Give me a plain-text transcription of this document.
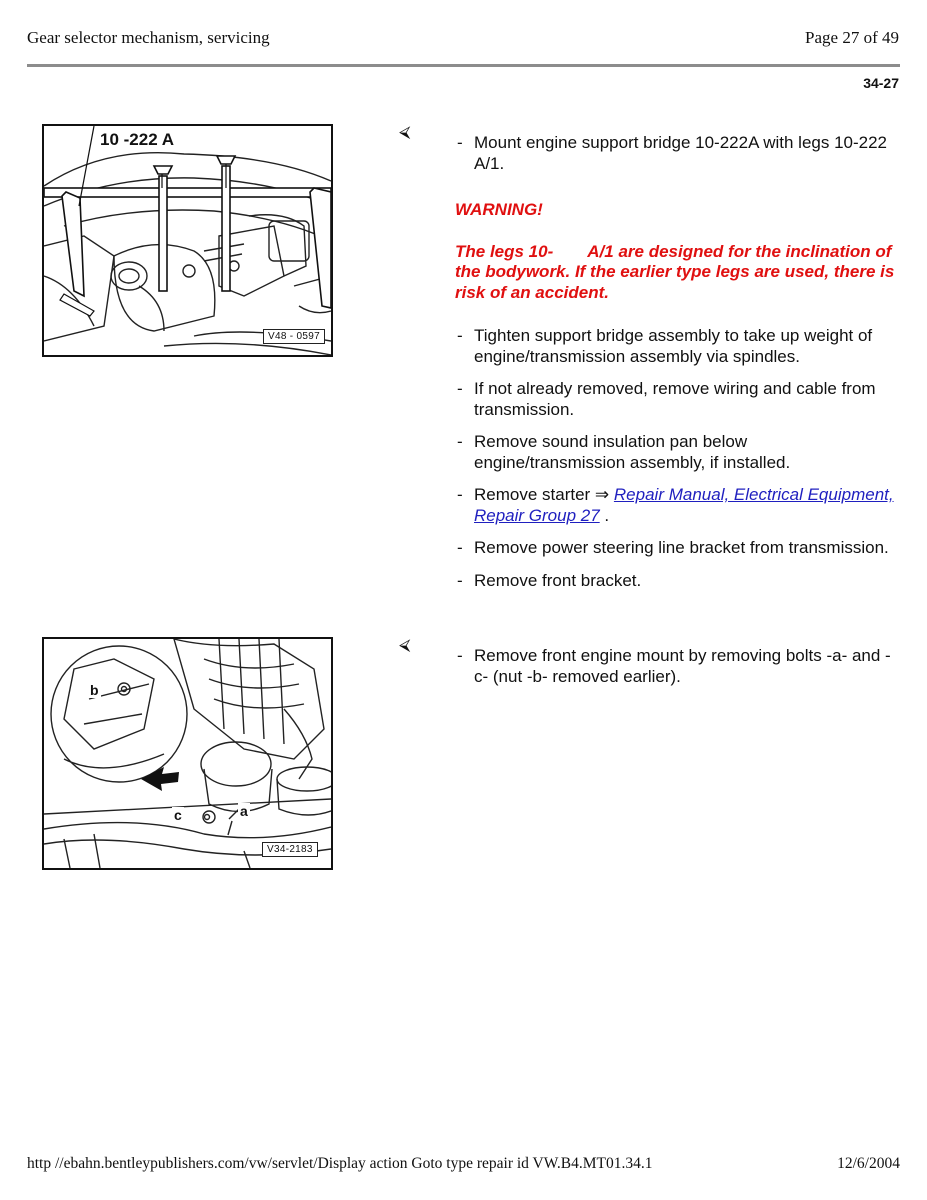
Gear selector mechanism, servicing	Page 27 of 49
34-27
10 -222 A
V48 - 0597
⮘

- Mount engine support bridge 10-222A with legs 10-222 A/1.

WARNING!

The legs 10- A/1 are designed for the inclination of the bodywork. If the earlier type legs are used, there is risk of an accident.

- Tighten support bridge assembly to take up weight of engine/transmission assembly via spindles.

- If not already removed, remove wiring and cable from transmission.

- Remove sound insulation pan below engine/transmission assembly, if installed.

- Remove starter ⇒ Repair Manual, Electrical Equipment, Repair Group 27 .

- Remove power steering line bracket from transmission.

- Remove front bracket.

b
c	a
V34-2183
⮘

- Remove front engine mount by removing bolts -a- and -c- (nut -b- removed earlier).

http //ebahn.bentleypublishers.com/vw/servlet/Display action Goto type repair id VW.B4.MT01.34.1	12/6/2004
